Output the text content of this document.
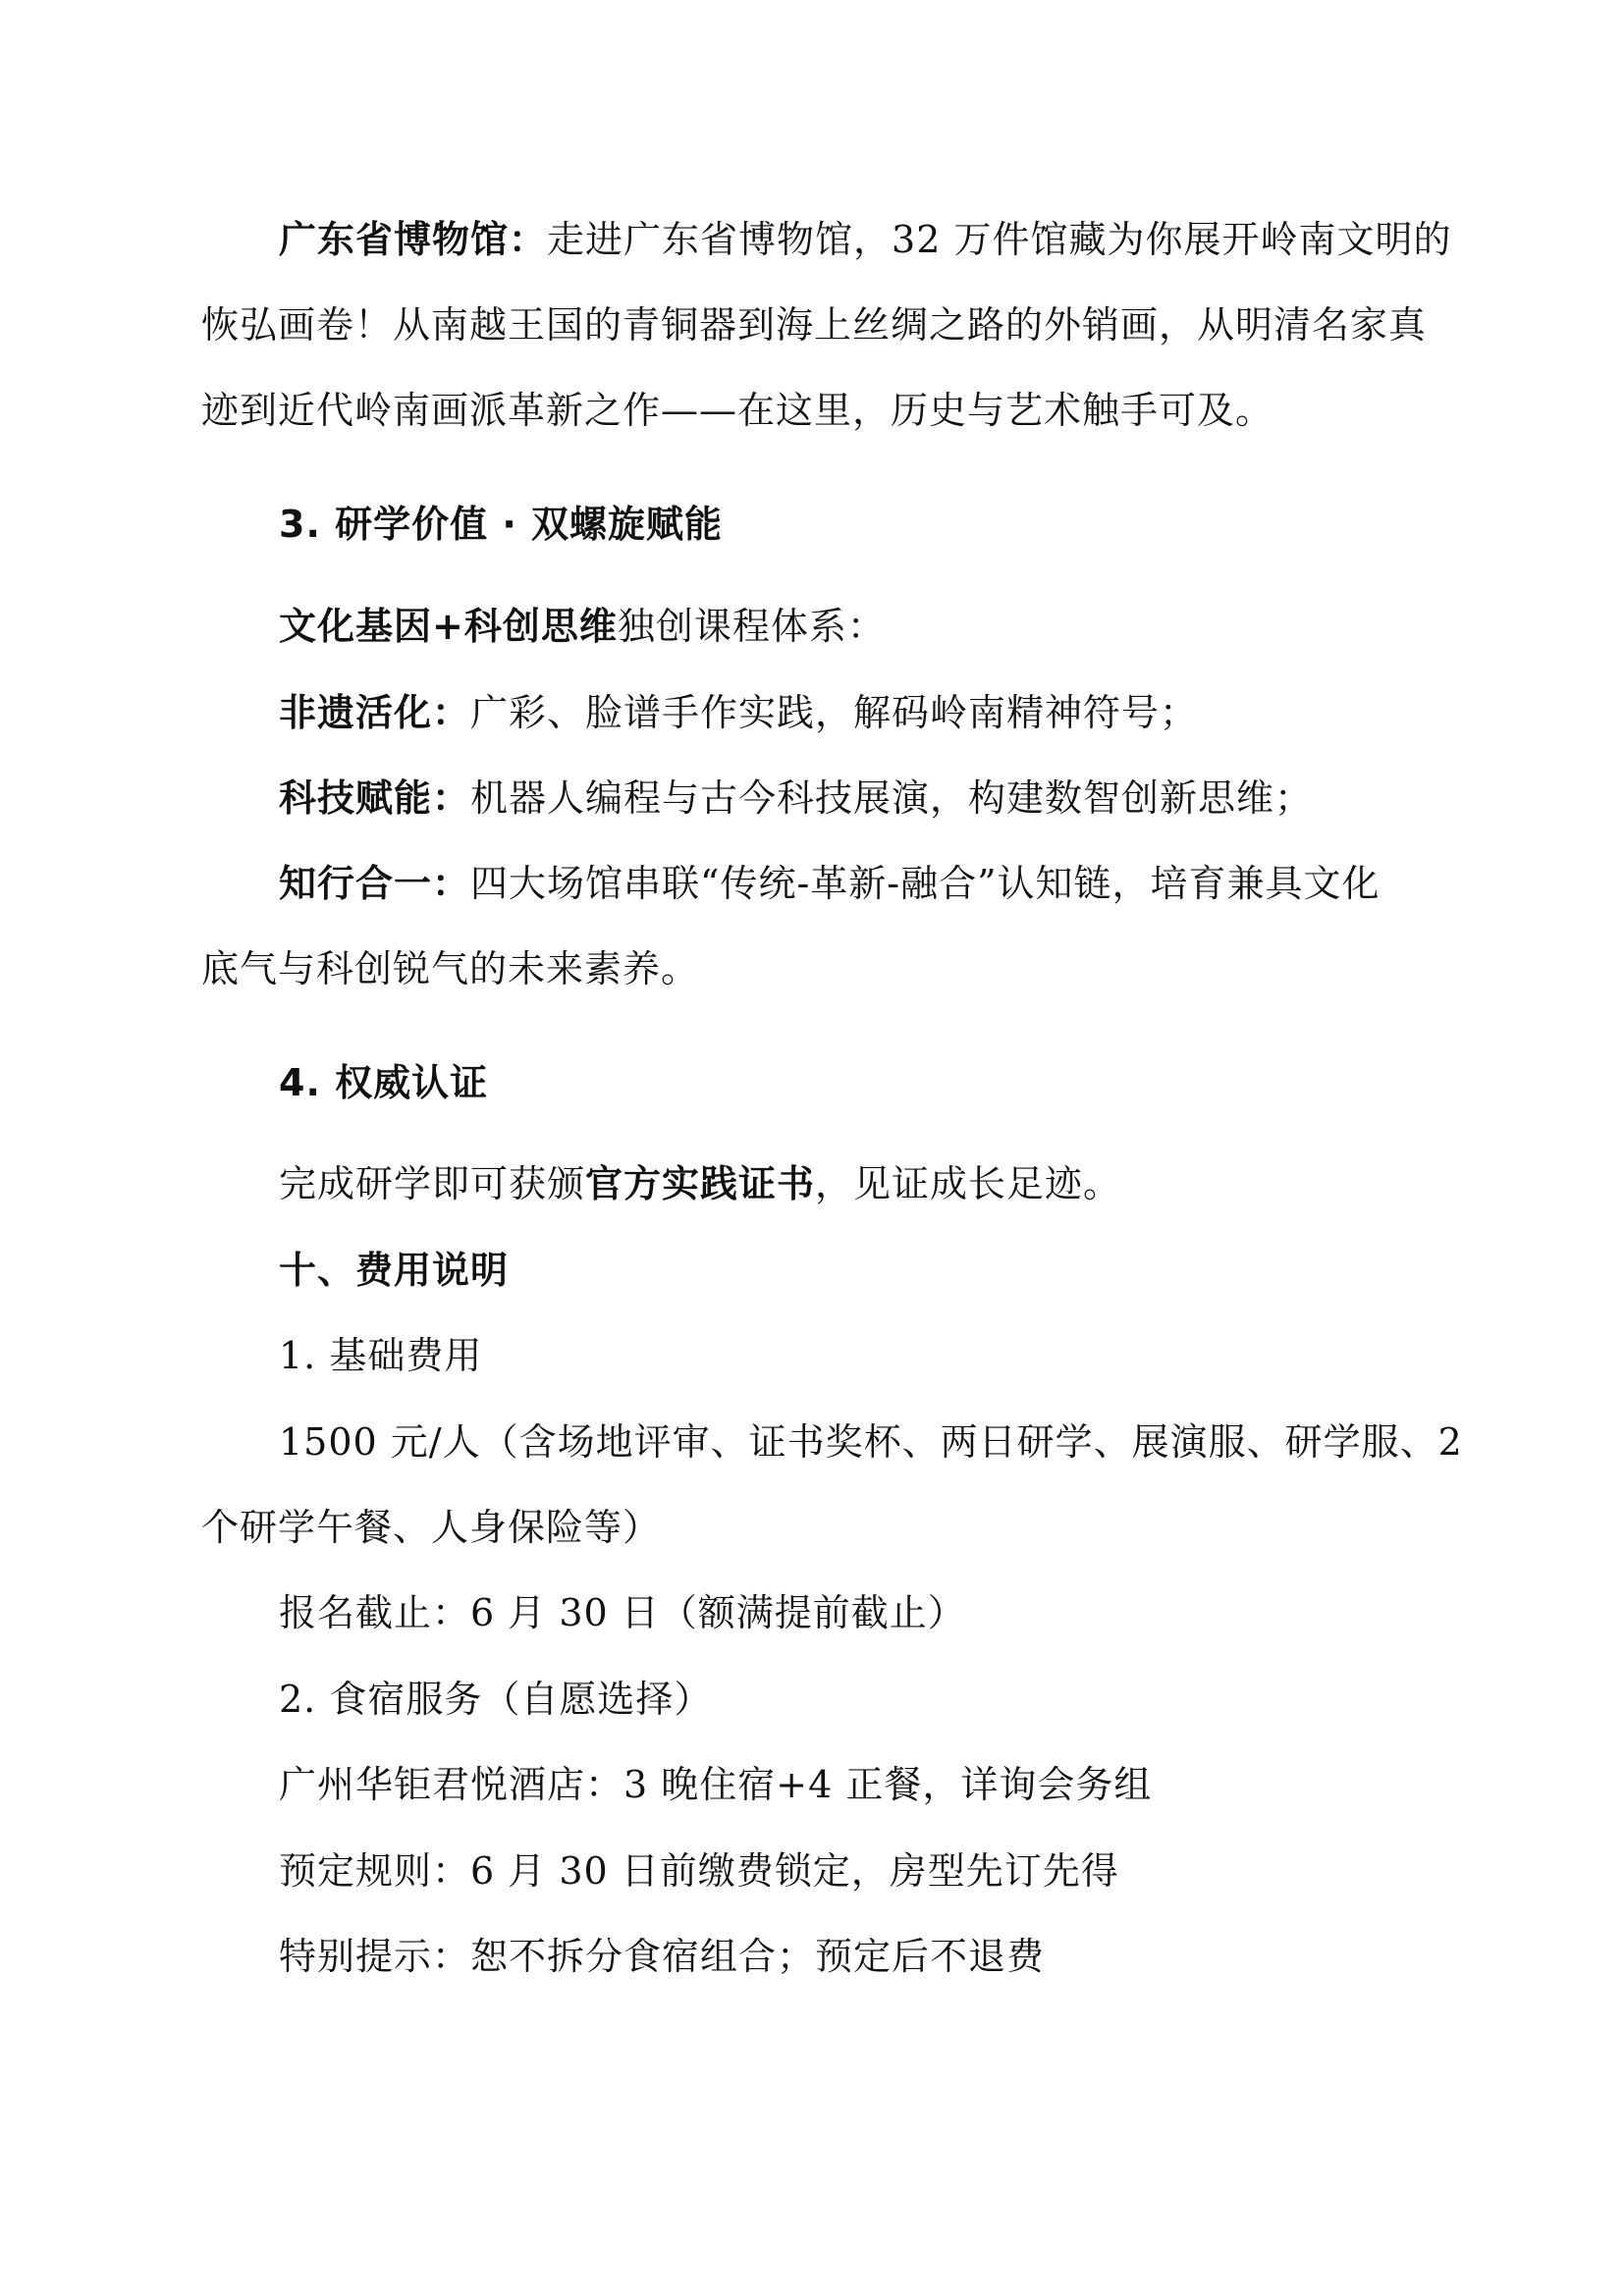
广东省博物馆：走进广东省博物馆，32 万件馆藏为你展开岭南文明的
恢弘画卷！从南越王国的青铜器到海上丝绸之路的外销画，从明清名家真
迹到近代岭南画派革新之作——在这里，历史与艺术触手可及。
3. 研学价值 · 双螺旋赋能
文化基因+科创思维独创课程体系：
非遗活化：广彩、脸谱手作实践，解码岭南精神符号；
科技赋能：机器人编程与古今科技展演，构建数智创新思维；
知行合一：四大场馆串联“传统-革新-融合”认知链，培育兼具文化
底气与科创锐气的未来素养。
4. 权威认证
完成研学即可获颁官方实践证书，见证成长足迹。
十、费用说明
1. 基础费用
1500 元/人（含场地评审、证书奖杯、两日研学、展演服、研学服、2
个研学午餐、人身保险等）
报名截止：6 月 30 日（额满提前截止）
2. 食宿服务（自愿选择）
广州华钜君悦酒店：3 晚住宿+4 正餐，详询会务组
预定规则：6 月 30 日前缴费锁定，房型先订先得
特别提示：恕不拆分食宿组合；预定后不退费
